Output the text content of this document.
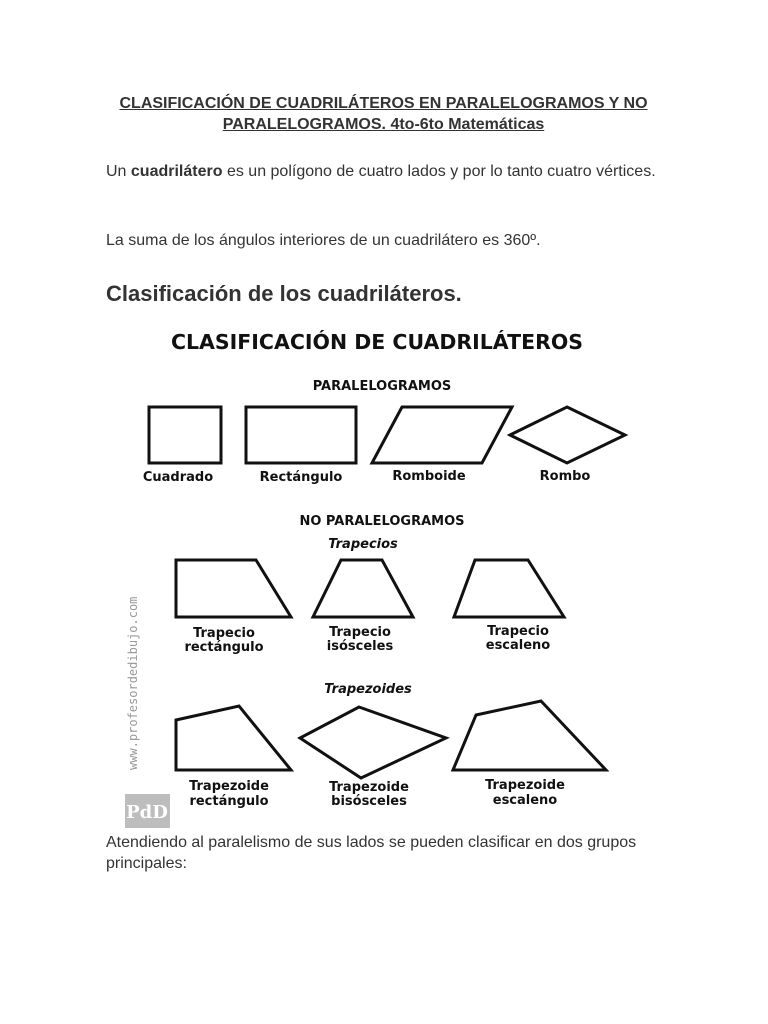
CLASIFICACIÓN DE CUADRILÁTEROS EN PARALELOGRAMOS Y NO PARALELOGRAMOS. 4to-6to Matemáticas
Un cuadrilátero es un polígono de cuatro lados y por lo tanto cuatro vértices.
La suma de los ángulos interiores de un cuadrilátero es 360º.
Clasificación de los cuadriláteros.
CLASIFICACIÓN DE CUADRILÁTEROS
PARALELOGRAMOS
Cuadrado	Rectángulo	Romboide	Rombo
NO PARALELOGRAMOS
Trapecios
Trapecio
rectángulo
Trapecio
isósceles
Trapecio
escaleno
Trapezoides
Trapezoide
rectángulo
Trapezoide
bisósceles
Trapezoide
escaleno
www.profesordedibujo.com
PdD
Atendiendo al paralelismo de sus lados se pueden clasificar en dos grupos principales:
